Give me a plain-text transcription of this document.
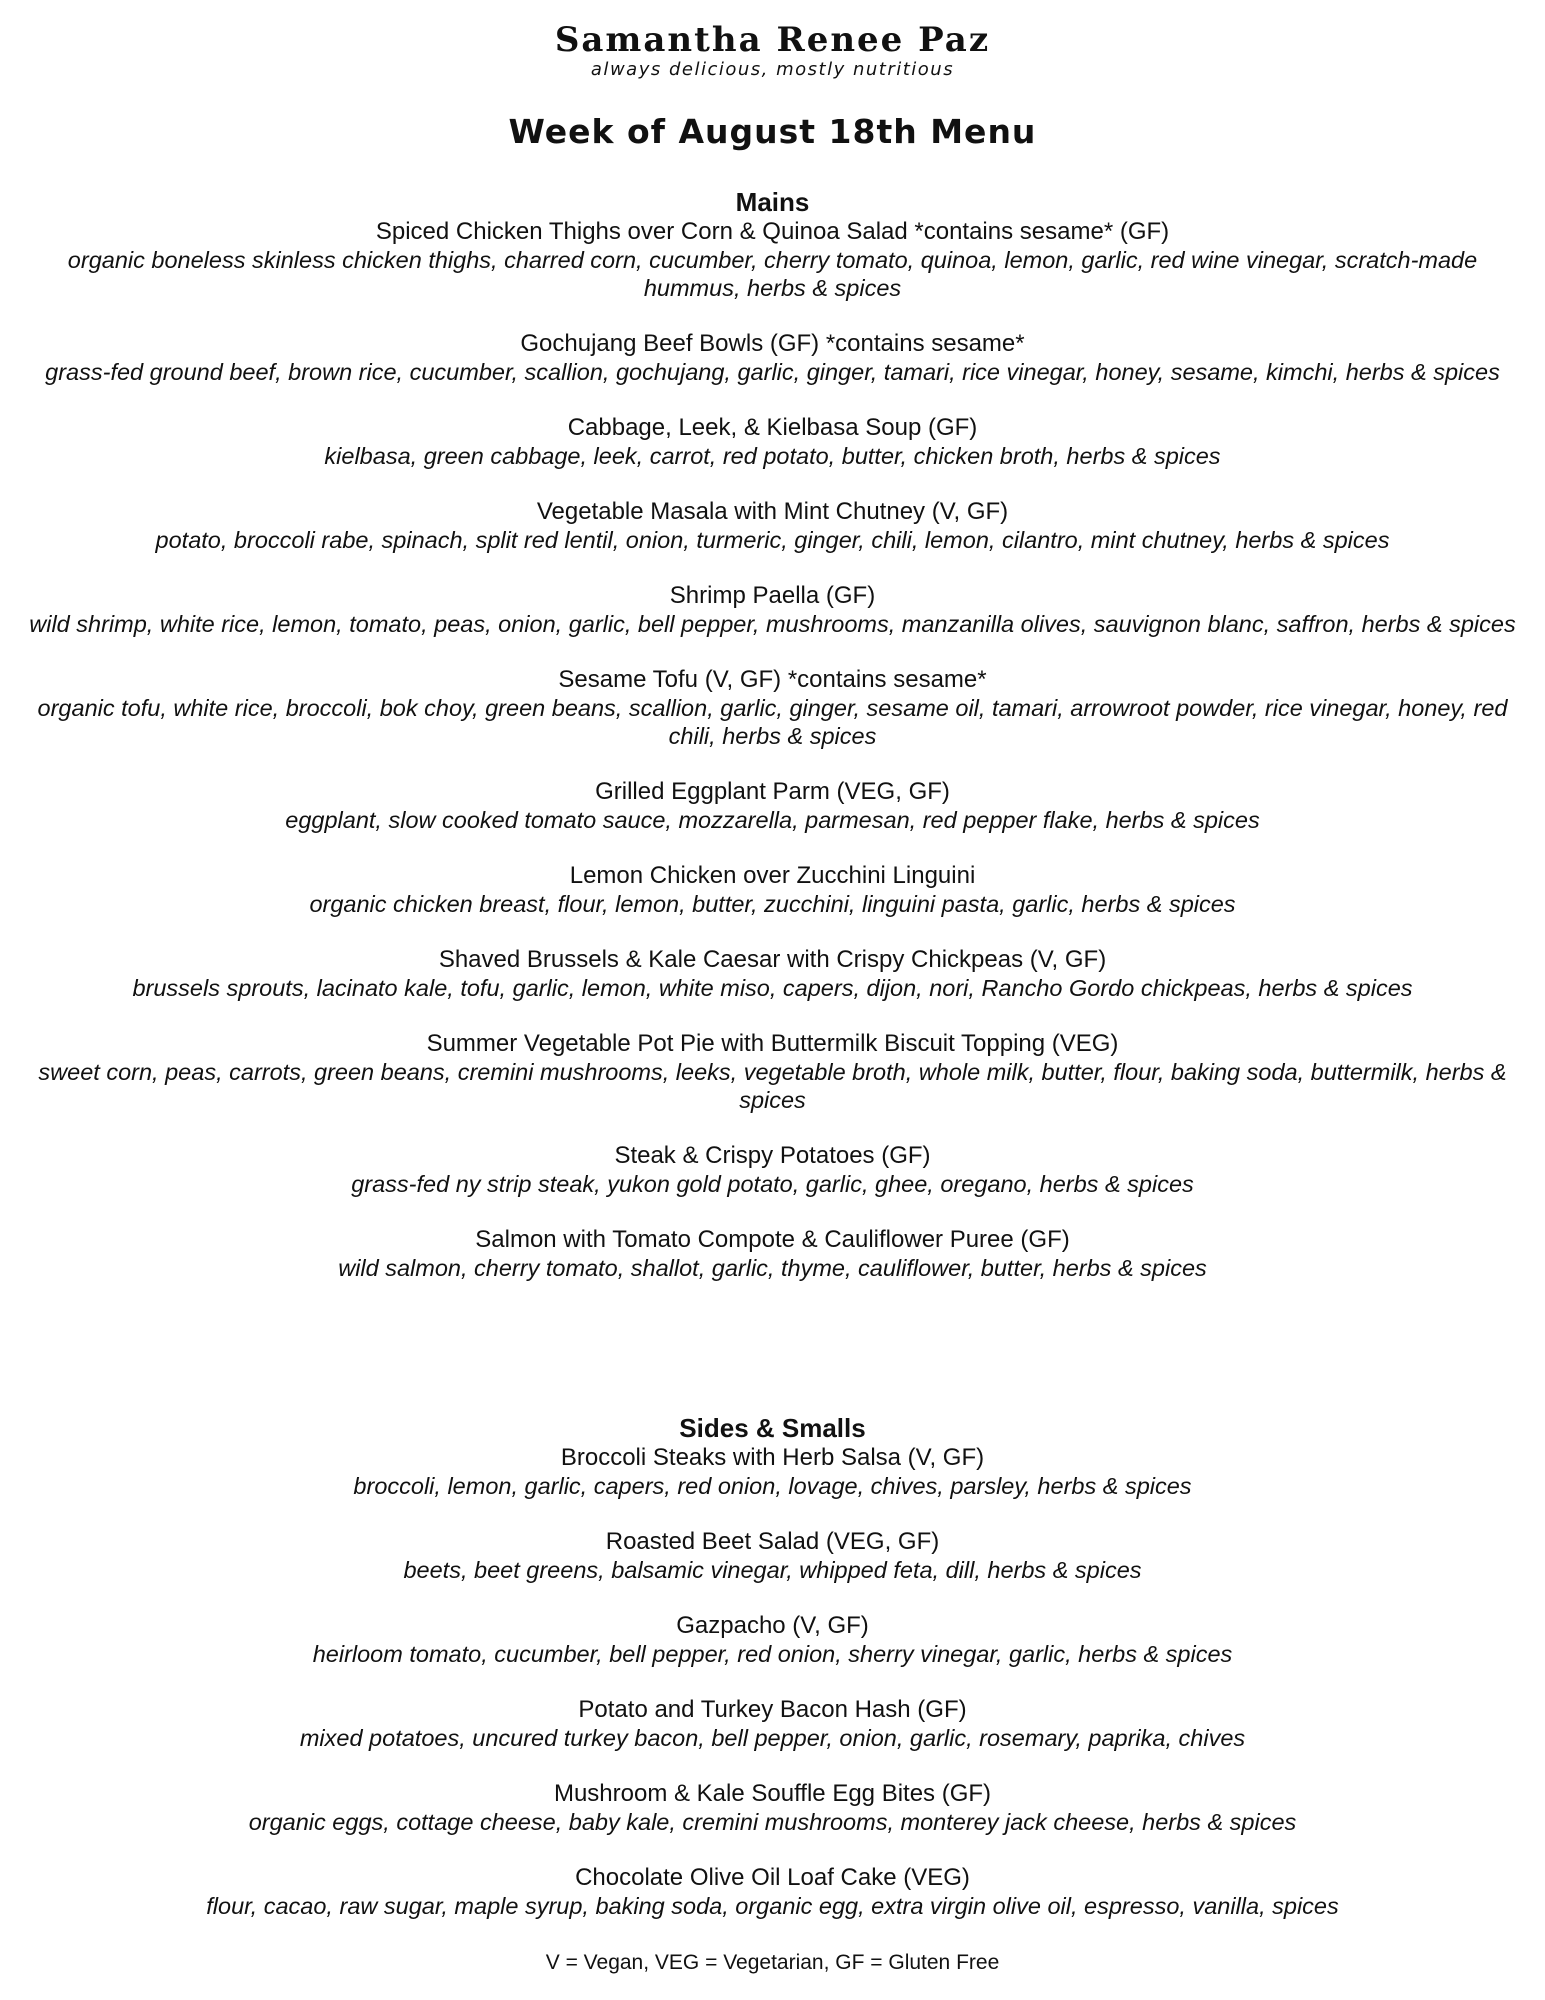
Samantha Renee Paz
always delicious, mostly nutritious
Week of August 18th Menu
Mains
Spiced Chicken Thighs over Corn & Quinoa Salad *contains sesame* (GF)
organic boneless skinless chicken thighs, charred corn, cucumber, cherry tomato, quinoa, lemon, garlic, red wine vinegar, scratch-made hummus, herbs & spices
Gochujang Beef Bowls (GF) *contains sesame*
grass-fed ground beef, brown rice, cucumber, scallion, gochujang, garlic, ginger, tamari, rice vinegar, honey, sesame, kimchi, herbs & spices
Cabbage, Leek, & Kielbasa Soup (GF)
kielbasa, green cabbage, leek, carrot, red potato, butter, chicken broth, herbs & spices
Vegetable Masala with Mint Chutney (V, GF)
potato, broccoli rabe, spinach, split red lentil, onion, turmeric, ginger, chili, lemon, cilantro, mint chutney, herbs & spices
Shrimp Paella (GF)
wild shrimp, white rice, lemon, tomato, peas, onion, garlic, bell pepper, mushrooms, manzanilla olives, sauvignon blanc, saffron, herbs & spices
Sesame Tofu (V, GF) *contains sesame*
organic tofu, white rice, broccoli, bok choy, green beans, scallion, garlic, ginger, sesame oil, tamari, arrowroot powder, rice vinegar, honey, red chili, herbs & spices
Grilled Eggplant Parm (VEG, GF)
eggplant, slow cooked tomato sauce, mozzarella, parmesan, red pepper flake, herbs & spices
Lemon Chicken over Zucchini Linguini
organic chicken breast, flour, lemon, butter, zucchini, linguini pasta, garlic, herbs & spices
Shaved Brussels & Kale Caesar with Crispy Chickpeas (V, GF)
brussels sprouts, lacinato kale, tofu, garlic, lemon, white miso, capers, dijon, nori, Rancho Gordo chickpeas, herbs & spices
Summer Vegetable Pot Pie with Buttermilk Biscuit Topping (VEG)
sweet corn, peas, carrots, green beans, cremini mushrooms, leeks, vegetable broth, whole milk, butter, flour, baking soda, buttermilk, herbs & spices
Steak & Crispy Potatoes (GF)
grass-fed ny strip steak, yukon gold potato, garlic, ghee, oregano, herbs & spices
Salmon with Tomato Compote & Cauliflower Puree (GF)
wild salmon, cherry tomato, shallot, garlic, thyme, cauliflower, butter, herbs & spices
Sides & Smalls
Broccoli Steaks with Herb Salsa (V, GF)
broccoli, lemon, garlic, capers, red onion, lovage, chives, parsley, herbs & spices
Roasted Beet Salad (VEG, GF)
beets, beet greens, balsamic vinegar, whipped feta, dill, herbs & spices
Gazpacho (V, GF)
heirloom tomato, cucumber, bell pepper, red onion, sherry vinegar, garlic, herbs & spices
Potato and Turkey Bacon Hash (GF)
mixed potatoes, uncured turkey bacon, bell pepper, onion, garlic, rosemary, paprika, chives
Mushroom & Kale Souffle Egg Bites (GF)
organic eggs, cottage cheese, baby kale, cremini mushrooms, monterey jack cheese, herbs & spices
Chocolate Olive Oil Loaf Cake (VEG)
flour, cacao, raw sugar, maple syrup, baking soda, organic egg, extra virgin olive oil, espresso, vanilla, spices
V = Vegan, VEG = Vegetarian, GF = Gluten Free
